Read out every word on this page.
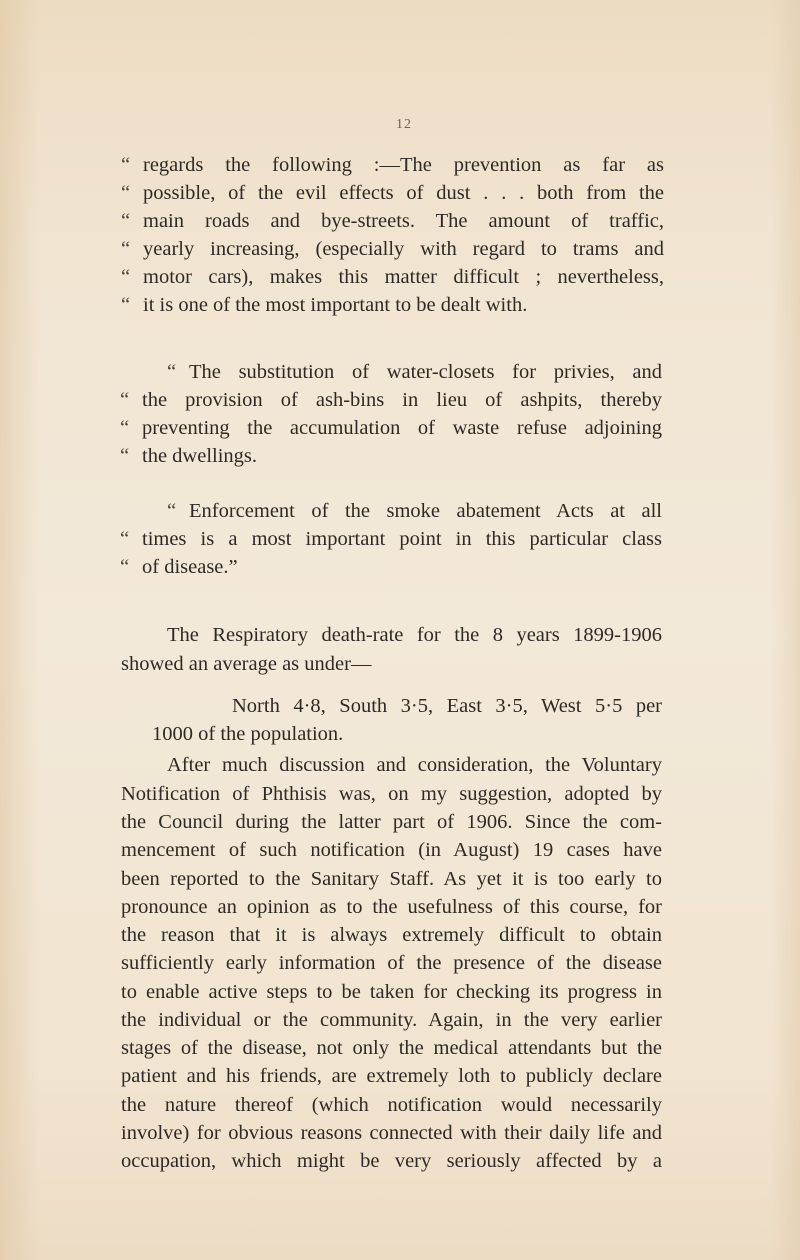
12
“ regards the following :—The prevention as far as
“ possible, of the evil effects of dust . . . both from the
“ main roads and bye-streets. The amount of traffic,
“ yearly increasing, (especially with regard to trams and
“ motor cars), makes this matter difficult ; nevertheless,
“ it is one of the most important to be dealt with.
“ The substitution of water-closets for privies, and
“ the provision of ash-bins in lieu of ashpits, thereby
“ preventing the accumulation of waste refuse adjoining
“ the dwellings.
“ Enforcement of the smoke abatement Acts at all
“ times is a most important point in this particular class
“ of disease.”
The Respiratory death-rate for the 8 years 1899-1906
showed an average as under—
North 4·8, South 3·5, East 3·5, West 5·5 per
1000 of the population.
After much discussion and consideration, the Voluntary
Notification of Phthisis was, on my suggestion, adopted by
the Council during the latter part of 1906. Since the com-
mencement of such notification (in August) 19 cases have
been reported to the Sanitary Staff. As yet it is too early to
pronounce an opinion as to the usefulness of this course, for
the reason that it is always extremely difficult to obtain
sufficiently early information of the presence of the disease
to enable active steps to be taken for checking its progress in
the individual or the community. Again, in the very earlier
stages of the disease, not only the medical attendants but the
patient and his friends, are extremely loth to publicly declare
the nature thereof (which notification would necessarily
involve) for obvious reasons connected with their daily life and
occupation, which might be very seriously affected by a
